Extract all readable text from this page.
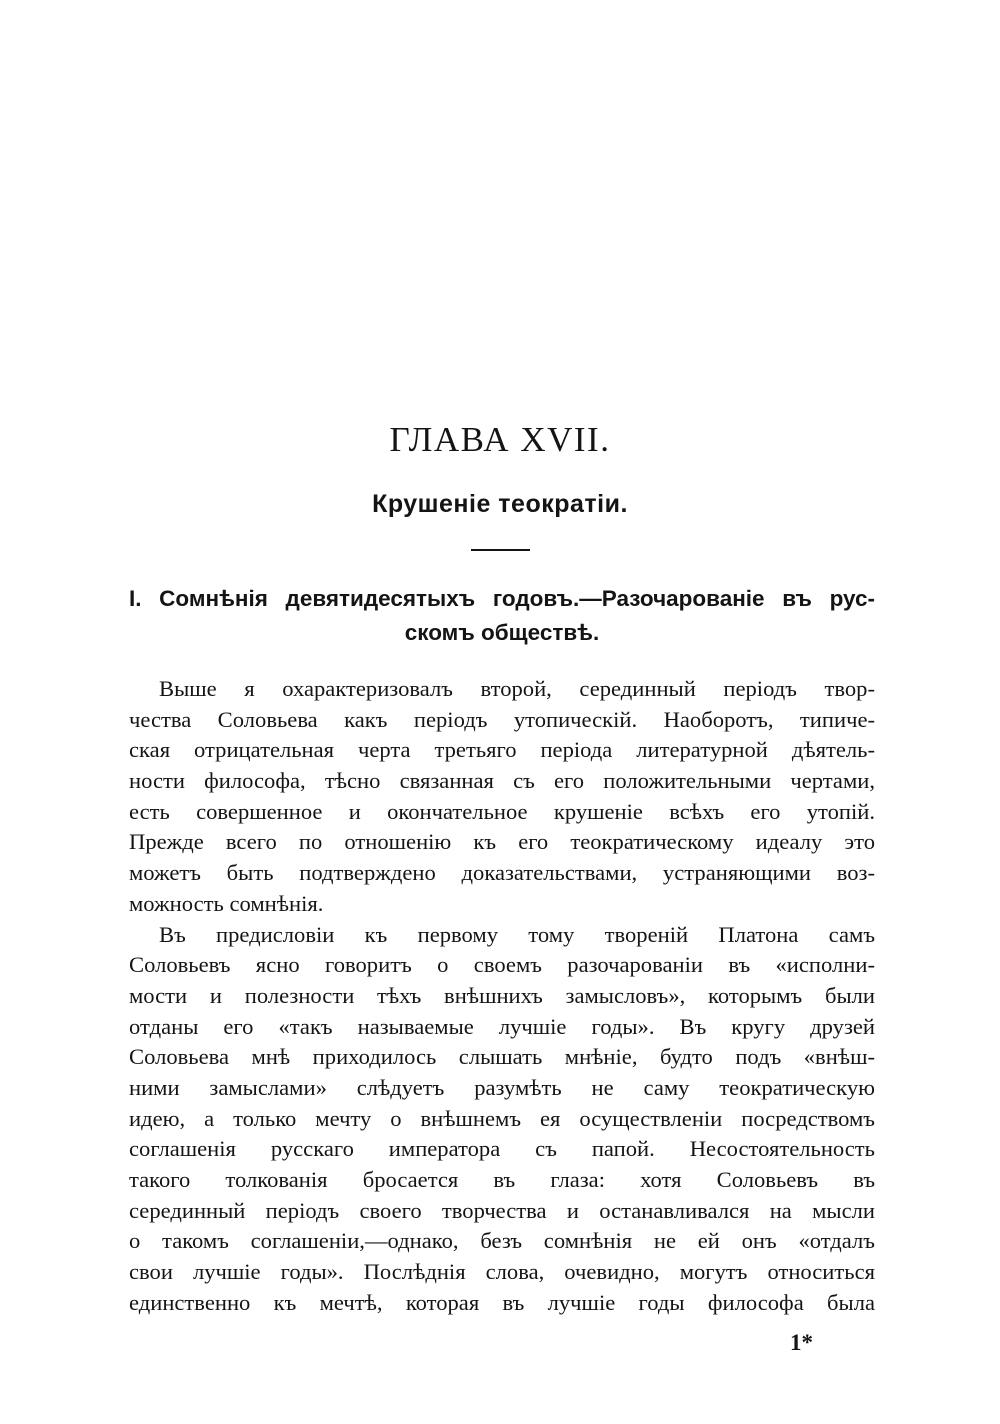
ГЛАВА XVII.
Крушеніе теократіи.
I. Сомнѣнія девятидесятыхъ годовъ.—Разочарованіе въ рус-
скомъ обществѣ.
Выше я охарактеризовалъ второй, серединный періодъ твор-
чества Соловьева какъ періодъ утопическій. Наоборотъ, типиче-
ская отрицательная черта третьяго періода литературной дѣятель-
ности философа, тѣсно связанная съ его положительными чертами,
есть совершенное и окончательное крушеніе всѣхъ его утопій.
Прежде всего по отношенію къ его теократическому идеалу это
можетъ быть подтверждено доказательствами, устраняющими воз-
можность сомнѣнія.
Въ предисловіи къ первому тому твореній Платона самъ
Соловьевъ ясно говоритъ о своемъ разочарованіи въ «исполни-
мости и полезности тѣхъ внѣшнихъ замысловъ», которымъ были
отданы его «такъ называемые лучшіе годы». Въ кругу друзей
Соловьева мнѣ приходилось слышать мнѣніе, будто подъ «внѣш-
ними замыслами» слѣдуетъ разумѣть не саму теократическую
идею, а только мечту о внѣшнемъ ея осуществленіи посредствомъ
соглашенія русскаго императора съ папой. Несостоятельность
такого толкованія бросается въ глаза: хотя Соловьевъ въ
серединный періодъ своего творчества и останавливался на мысли
о такомъ соглашеніи,—однако, безъ сомнѣнія не ей онъ «отдалъ
свои лучшіе годы». Послѣднія слова, очевидно, могутъ относиться
единственно къ мечтѣ, которая въ лучшіе годы философа была
1*
